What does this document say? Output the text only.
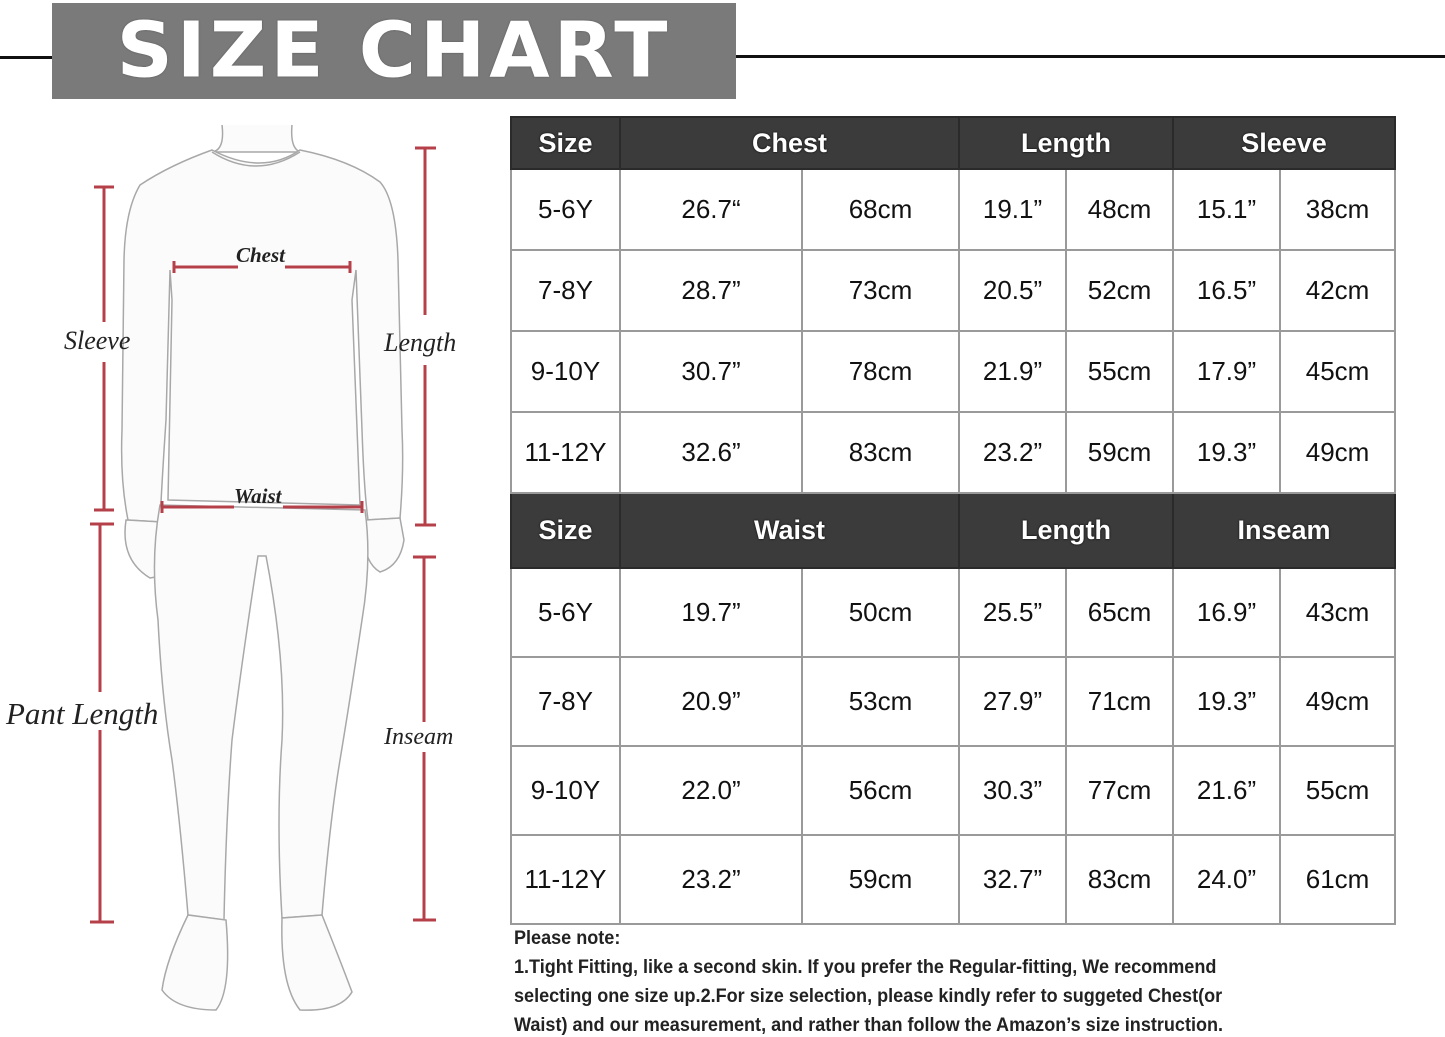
SIZE CHART
Chest
Sleeve	Length
Waist
Pant Length
Inseam
Size	Chest		Length		Sleeve	
5-6Y	26.7“	68cm	19.1”	48cm	15.1”	38cm
7-8Y	28.7”	73cm	20.5”	52cm	16.5”	42cm
9-10Y	30.7”	78cm	21.9”	55cm	17.9”	45cm
11-12Y	32.6”	83cm	23.2”	59cm	19.3”	49cm
Size	Waist		Length		Inseam	
5-6Y	19.7”	50cm	25.5”	65cm	16.9”	43cm
7-8Y	20.9”	53cm	27.9”	71cm	19.3”	49cm
9-10Y	22.0”	56cm	30.3”	77cm	21.6”	55cm
11-12Y	23.2”	59cm	32.7”	83cm	24.0”	61cm
Please note:
1.Tight Fitting, like a second skin. If you prefer the Regular-fitting, We recommend
selecting one size up.2.For size selection, please kindly refer to suggeted Chest(or
Waist) and our measurement, and rather than follow the Amazon’s size instruction.
